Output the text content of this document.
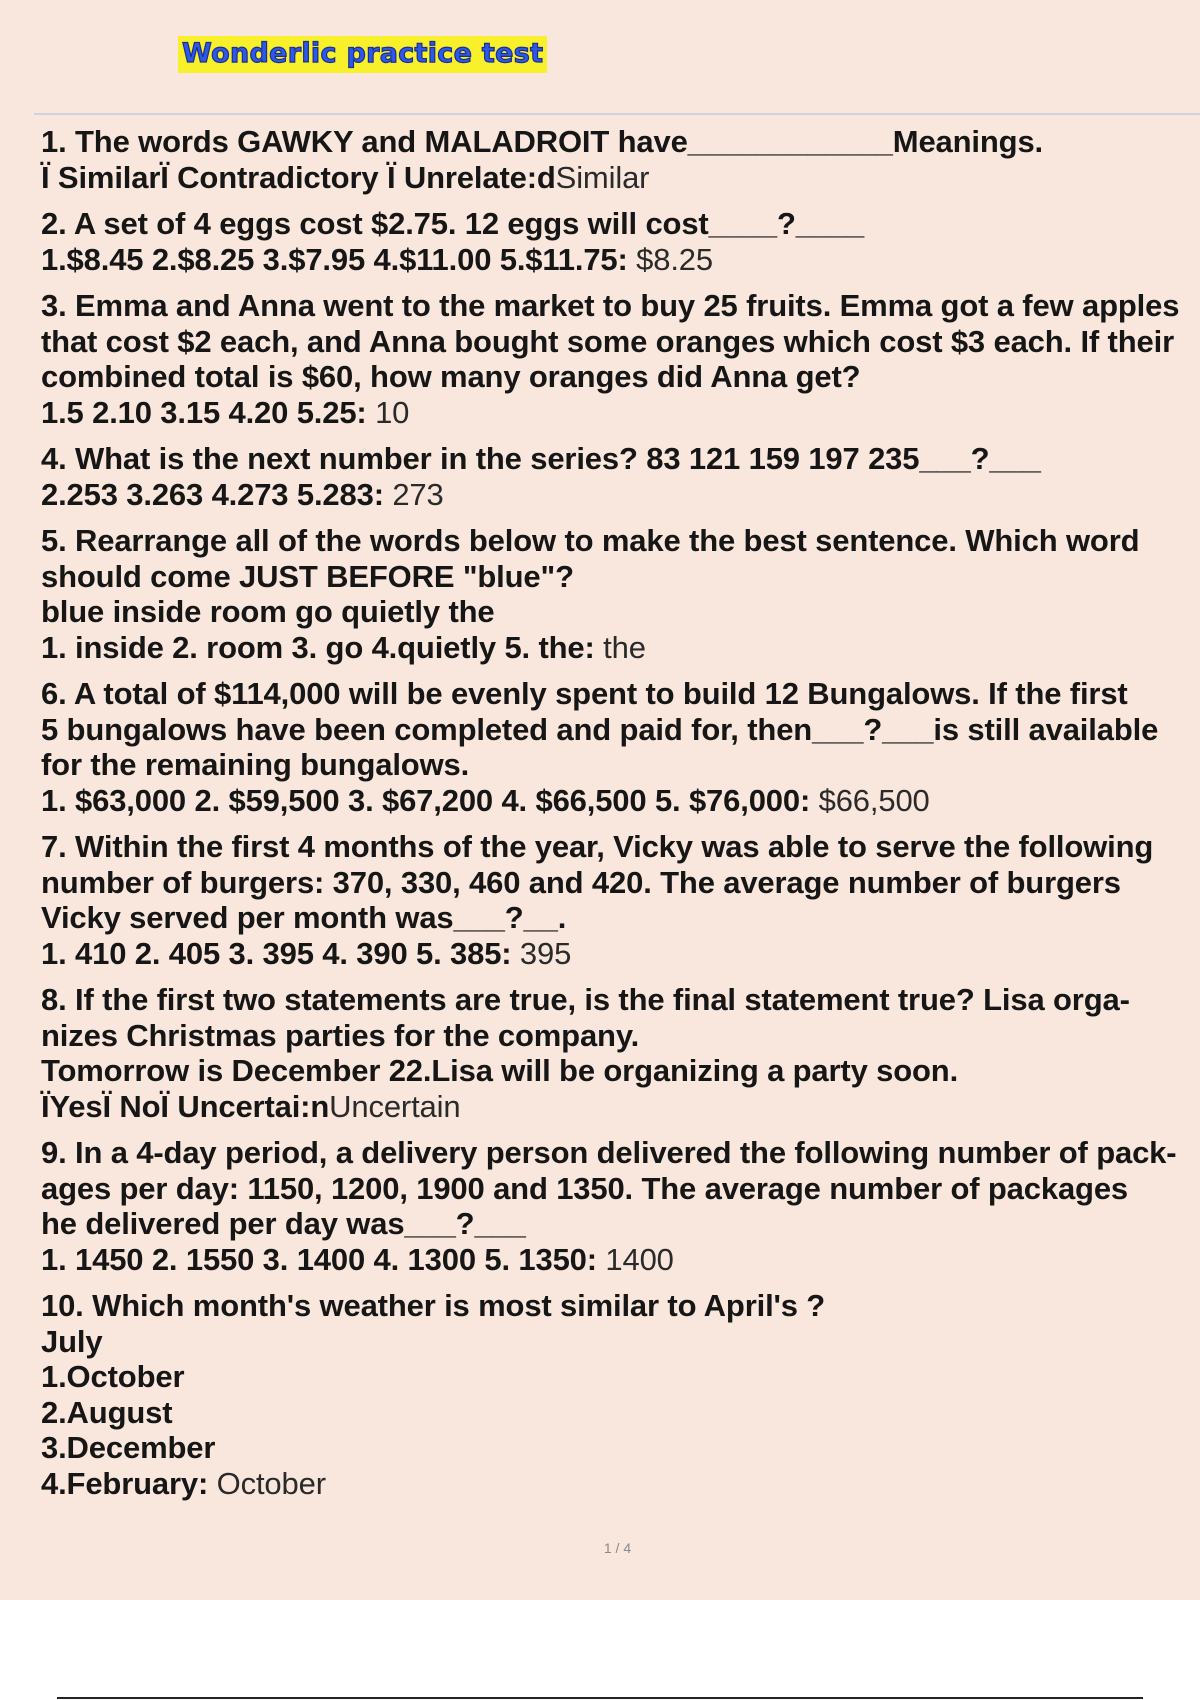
Wonderlic practice test
1. The words GAWKY and MALADROIT have____________Meanings.
Ï SimilarÏ Contradictory Ï Unrelate:dSimilar
2. A set of 4 eggs cost $2.75. 12 eggs will cost____?____
1.$8.45 2.$8.25 3.$7.95 4.$11.00 5.$11.75: $8.25
3. Emma and Anna went to the market to buy 25 fruits. Emma got a few apples
that cost $2 each, and Anna bought some oranges which cost $3 each. If their
combined total is $60, how many oranges did Anna get?
1.5 2.10 3.15 4.20 5.25: 10
4. What is the next number in the series? 83 121 159 197 235___?___
2.253 3.263 4.273 5.283: 273
5. Rearrange all of the words below to make the best sentence. Which word
should come JUST BEFORE "blue"?
blue inside room go quietly the
1. inside 2. room 3. go 4.quietly 5. the: the
6. A total of $114,000 will be evenly spent to build 12 Bungalows. If the first
5 bungalows have been completed and paid for, then___?___is still available
for the remaining bungalows.
1. $63,000 2. $59,500 3. $67,200 4. $66,500 5. $76,000: $66,500
7. Within the first 4 months of the year, Vicky was able to serve the following
number of burgers: 370, 330, 460 and 420. The average number of burgers
Vicky served per month was___?__.
1. 410 2. 405 3. 395 4. 390 5. 385: 395
8. If the first two statements are true, is the final statement true? Lisa orga-
nizes Christmas parties for the company.
Tomorrow is December 22.Lisa will be organizing a party soon.
ÏYesÏ NoÏ Uncertai:nUncertain
9. In a 4-day period, a delivery person delivered the following number of pack-
ages per day: 1150, 1200, 1900 and 1350. The average number of packages
he delivered per day was___?___
1. 1450 2. 1550 3. 1400 4. 1300 5. 1350: 1400
10. Which month's weather is most similar to April's ?
July
1.October
2.August
3.December
4.February: October
1 / 4
